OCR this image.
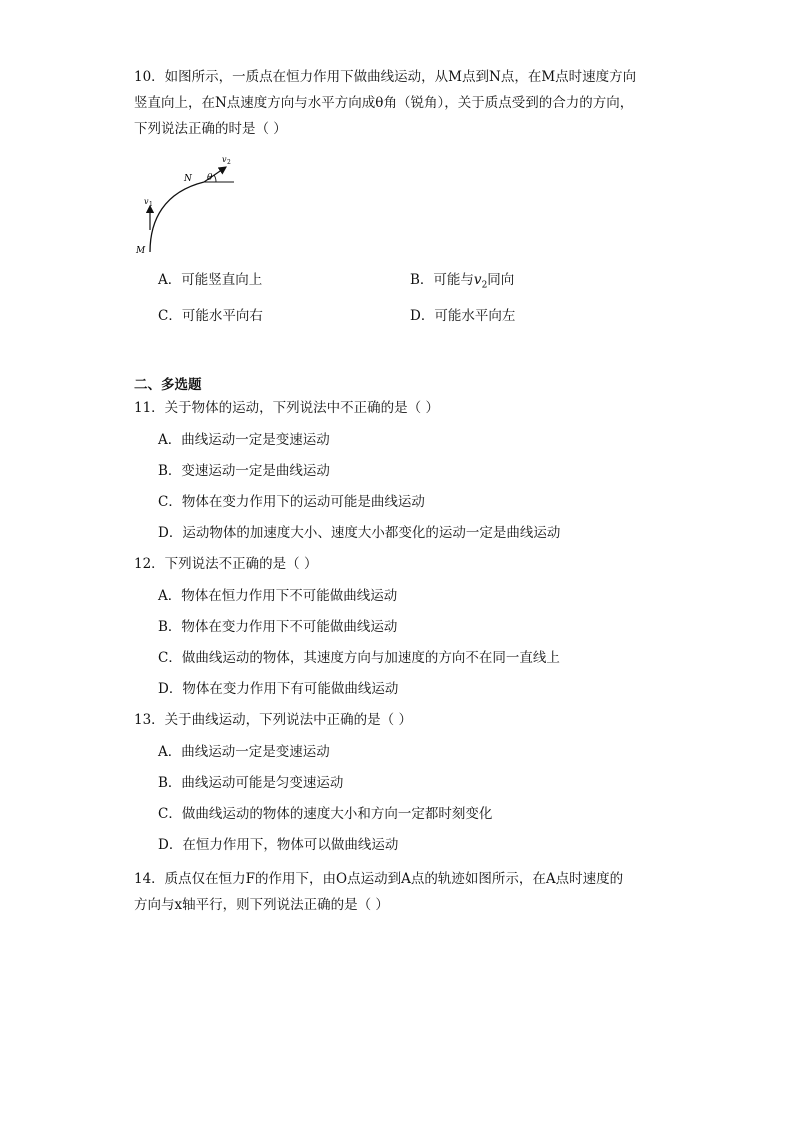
10．如图所示，一质点在恒力作用下做曲线运动，从M点到N点，在M点时速度方向
竖直向上，在N点速度方向与水平方向成θ角（锐角），关于质点受到的合力的方向，
下列说法正确的时是（ ）
M
N
v 1
v 2
θ
A．可能竖直向上	B．可能与$v_2$同向
C．可能水平向右	D．可能水平向左
二、多选题
11．关于物体的运动，下列说法中不正确的是（ ）
A．曲线运动一定是变速运动
B．变速运动一定是曲线运动
C．物体在变力作用下的运动可能是曲线运动
D．运动物体的加速度大小、速度大小都变化的运动一定是曲线运动
12．下列说法不正确的是（ ）
A．物体在恒力作用下不可能做曲线运动
B．物体在变力作用下不可能做曲线运动
C．做曲线运动的物体，其速度方向与加速度的方向不在同一直线上
D．物体在变力作用下有可能做曲线运动
13．关于曲线运动，下列说法中正确的是（ ）
A．曲线运动一定是变速运动
B．曲线运动可能是匀变速运动
C．做曲线运动的物体的速度大小和方向一定都时刻变化
D．在恒力作用下，物体可以做曲线运动
14．质点仅在恒力F的作用下，由O点运动到A点的轨迹如图所示，在A点时速度的
方向与x轴平行，则下列说法正确的是（ ）
